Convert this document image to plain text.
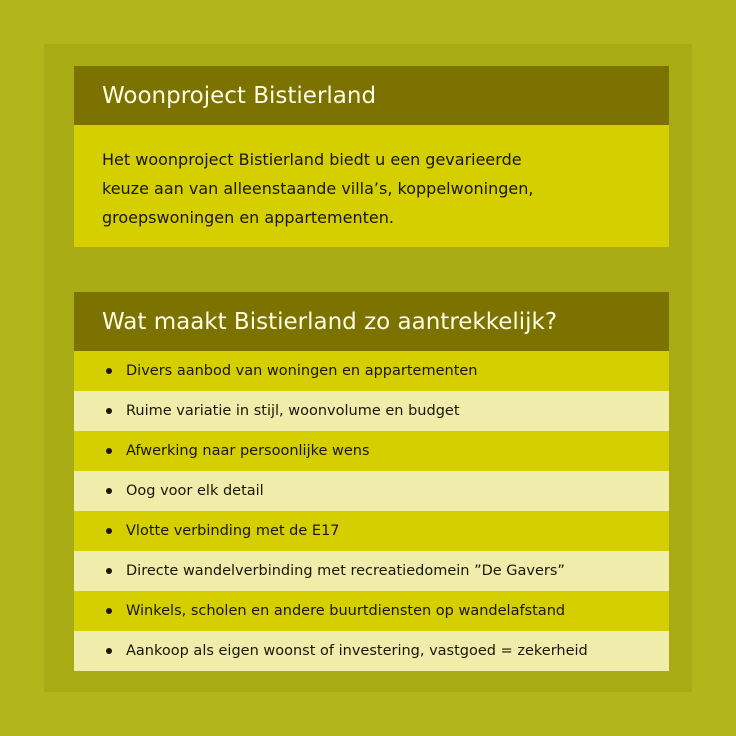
Woonproject Bistierland
Het woonproject Bistierland biedt u een gevarieerde
keuze aan van alleenstaande villa’s, koppelwoningen,
groepswoningen en appartementen.
Wat maakt Bistierland zo aantrekkelijk?
Divers aanbod van woningen en appartementen
Ruime variatie in stijl, woonvolume en budget
Afwerking naar persoonlijke wens
Oog voor elk detail
Vlotte verbinding met de E17
Directe wandelverbinding met recreatiedomein ”De Gavers”
Winkels, scholen en andere buurtdiensten op wandelafstand
Aankoop als eigen woonst of investering, vastgoed = zekerheid
